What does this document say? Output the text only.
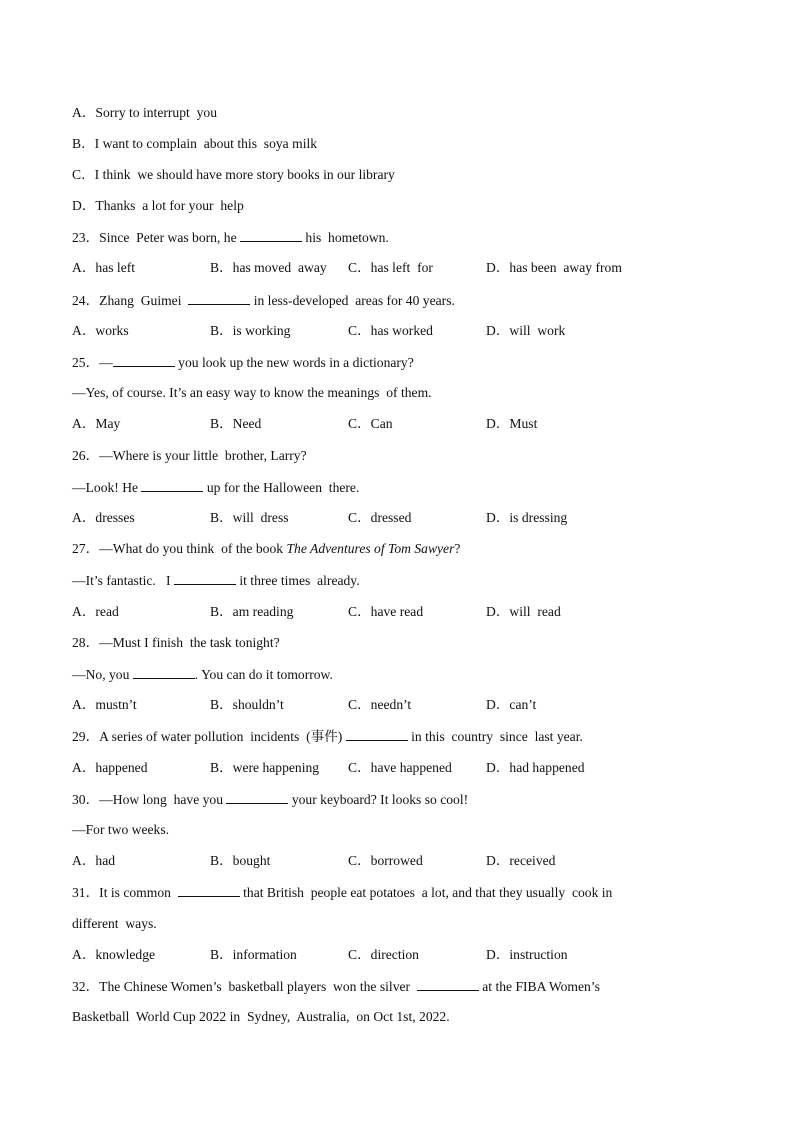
A．Sorry to interrupt  you
B．I want to complain  about this  soya milk
C．I think  we should have more story books in our library
D．Thanks  a lot for your  help
23．Since  Peter was born, he	his  hometown.
A．has left	B．has moved  away C．has left  for	D．has been  away from
24．Zhang  Guimei	in less-developed  areas for 40 years.
A．works	B．is working	C．has worked	D．will  work
25．—	you look up the new words in a dictionary?
—Yes, of course. It’s an easy way to know the meanings  of them.
A．May	B．Need	C．Can	D．Must
26．—Where is your little  brother, Larry?
—Look! He	up for the Halloween  there.
A．dresses	B．will  dress	C．dressed	D．is dressing
27．—What do you think  of the book The Adventures of Tom Sawyer?
—It’s fantastic.   I	it three times  already.
A．read	B．am reading	C．have read	D．will  read
28．—Must I finish  the task tonight?
—No, you	. You can do it tomorrow.
A．mustn’t	B．shouldn’t	C．needn’t	D．can’t
29．A series of water pollution  incidents  (事件)	in this  country  since  last year.
A．happened	B．were happening C．have happened	D．had happened
30．—How long  have you	your keyboard? It looks so cool!
—For two weeks.
A．had	B．bought	C．borrowed	D．received
31．It is common	that British  people eat potatoes  a lot, and that they usually  cook in
different  ways.
A．knowledge	B．information	C．direction	D．instruction
32．The Chinese Women’s  basketball players  won the silver	at the FIBA Women’s
Basketball  World Cup 2022 in  Sydney,  Australia,  on Oct 1st, 2022.
